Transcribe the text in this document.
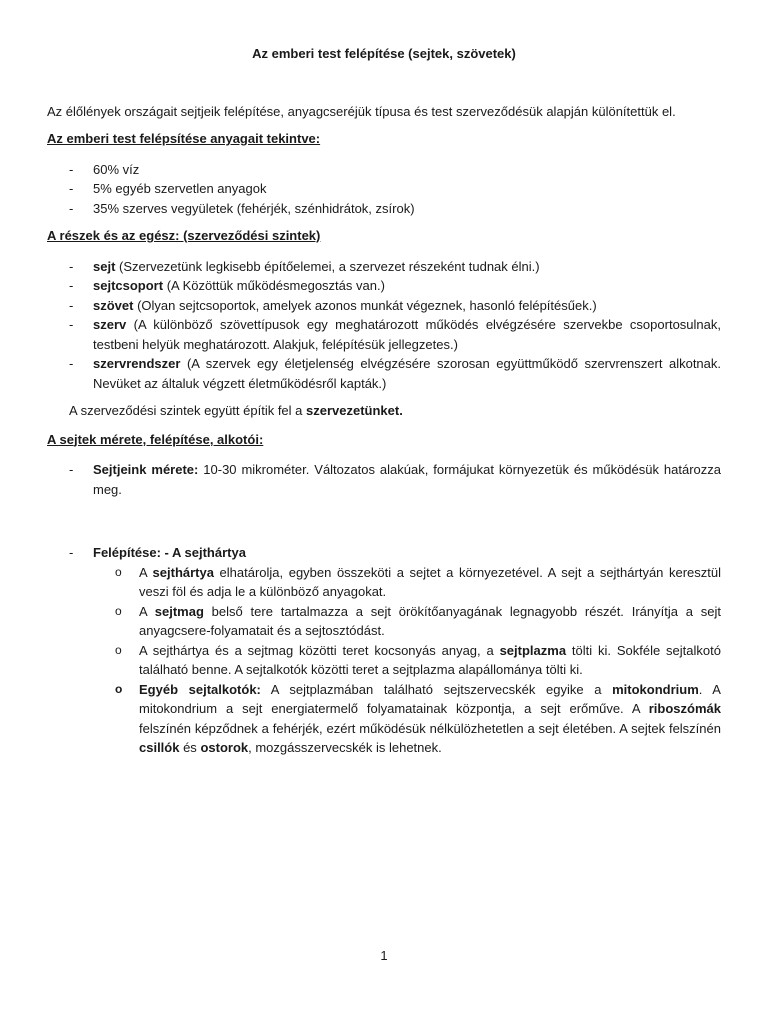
Az emberi test felépítése (sejtek, szövetek)

Az élőlények országait sejtjeik felépítése, anyagcseréjük típusa és test szerveződésük alapján különítettük el.

Az emberi test felépsítése anyagait tekintve:

- 60% víz
- 5% egyéb szervetlen anyagok
- 35% szerves vegyületek (fehérjék, szénhidrátok, zsírok)

A részek és az egész: (szerveződési szintek)

- sejt (Szervezetünk legkisebb építőelemei, a szervezet részeként tudnak élni.)
- sejtcsoport (A Közöttük működésmegosztás van.)
- szövet (Olyan sejtcsoportok, amelyek azonos munkát végeznek, hasonló felépítésűek.)
- szerv (A különböző szövettípusok egy meghatározott működés elvégzésére szervekbe csoportosulnak, testbeni helyük meghatározott. Alakjuk, felépítésük jellegzetes.)
- szervrendszer (A szervek egy életjelenség elvégzésére szorosan együttműködő szervrenszert alkotnak. Nevüket az általuk végzett életműködésről kapták.)

A szerveződési szintek együtt építik fel a szervezetünket.

A sejtek mérete, felépítése, alkotói:

- Sejtjeink mérete: 10-30 mikrométer. Változatos alakúak, formájukat környezetük és működésük határozza meg.
- Felépítése: - A sejthártya
o A sejthártya elhatárolja, egyben összeköti a sejtet a környezetével. A sejt a sejthártyán keresztül veszi föl és adja le a különböző anyagokat.
o A sejtmag belső tere tartalmazza a sejt örökítőanyagának legnagyobb részét. Irányítja a sejt anyagcsere-folyamatait és a sejtosztódást.
o A sejthártya és a sejtmag közötti teret kocsonyás anyag, a sejtplazma tölti ki. Sokféle sejtalkotó található benne. A sejtalkotók közötti teret a sejtplazma alapállománya tölti ki.
o Egyéb sejtalkotók: A sejtplazmában található sejtszervecskék egyike a mitokondrium. A mitokondrium a sejt energiatermelő folyamatainak központja, a sejt erőműve. A riboszómák felszínén képződnek a fehérjék, ezért működésük nélkülözhetetlen a sejt életében. A sejtek felszínén csillók és ostorok, mozgásszervecskék is lehetnek.
1
